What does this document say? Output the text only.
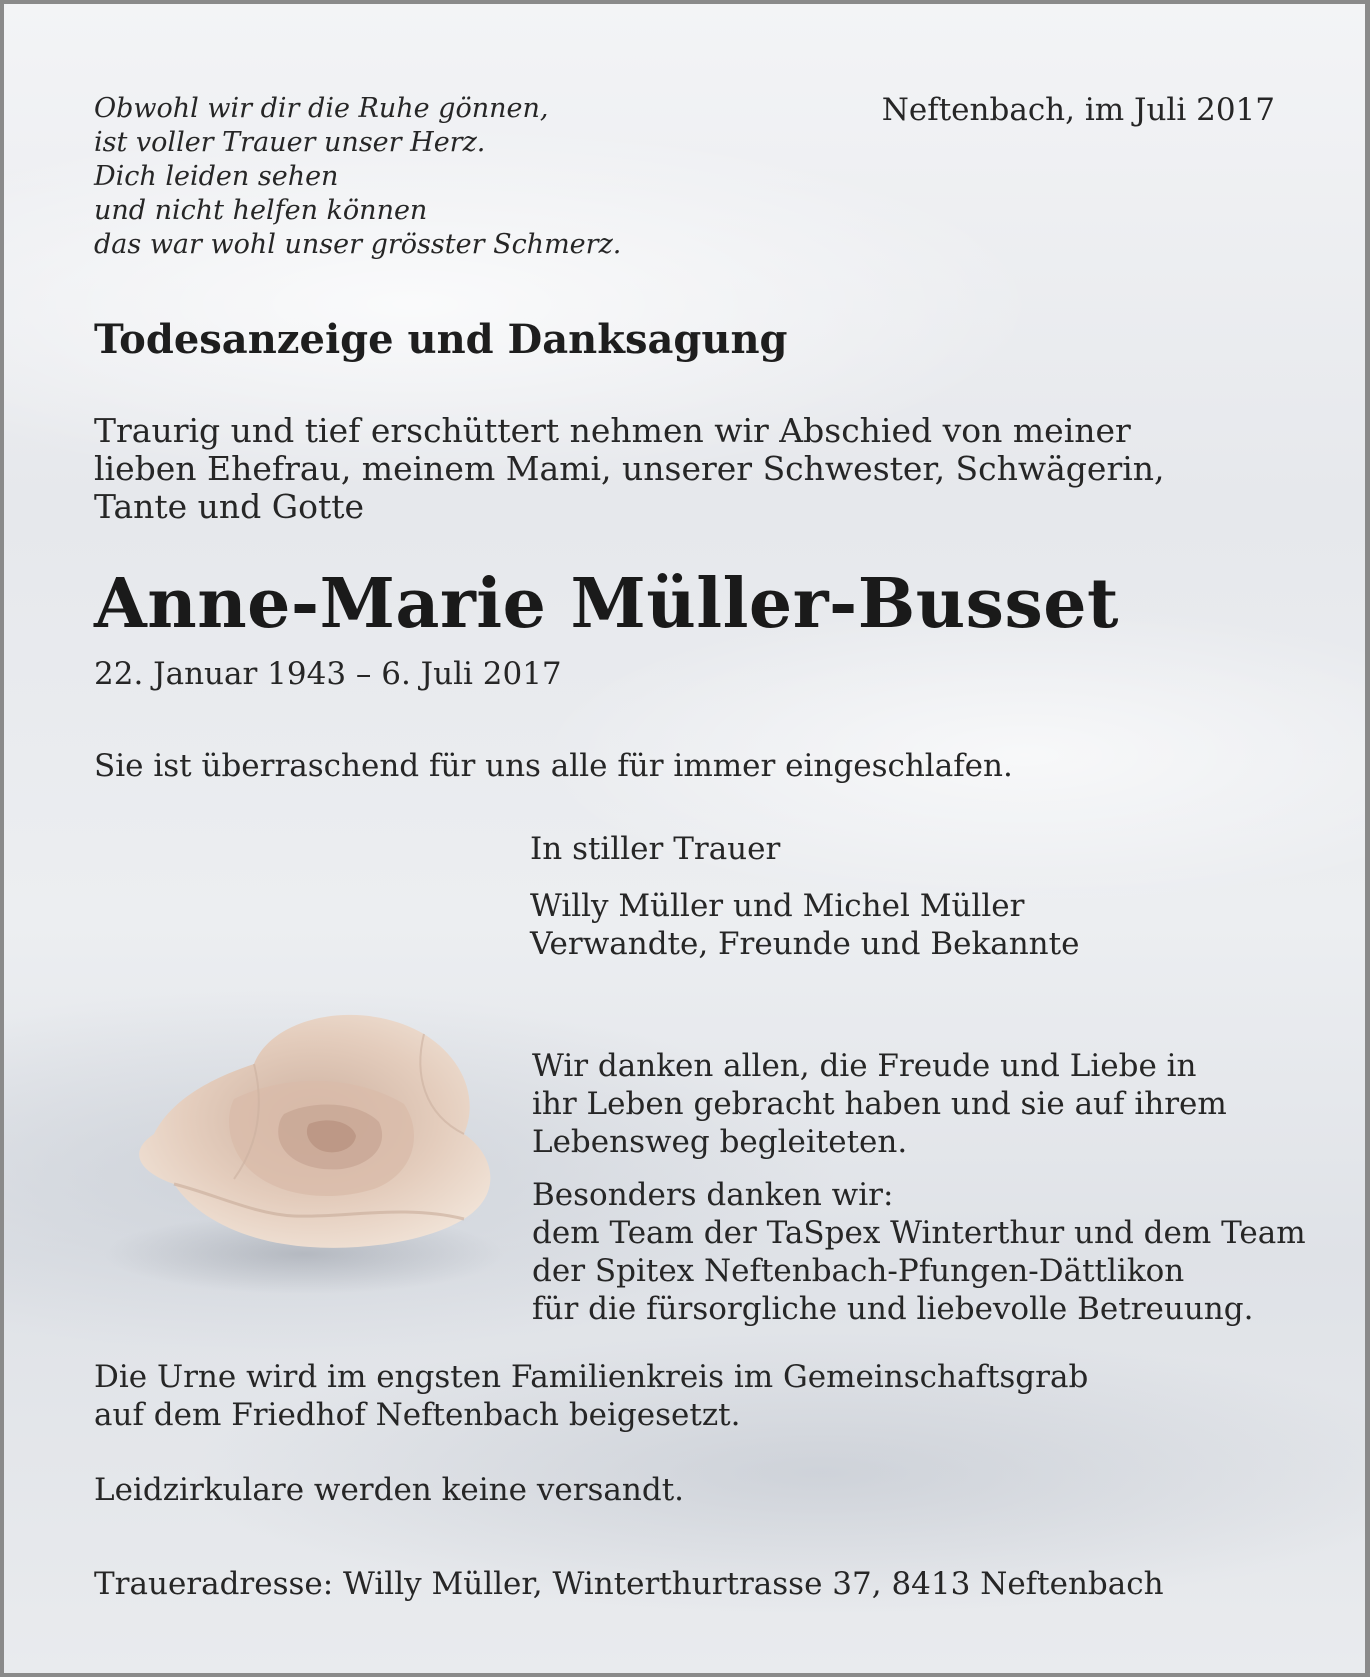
Obwohl wir dir die Ruhe gönnen,
ist voller Trauer unser Herz.
Dich leiden sehen
und nicht helfen können
das war wohl unser grösster Schmerz.
Neftenbach, im Juli 2017
Todesanzeige und Danksagung
Traurig und tief erschüttert nehmen wir Abschied von meiner
lieben Ehefrau, meinem Mami, unserer Schwester, Schwägerin,
Tante und Gotte
Anne-Marie Müller-Busset
22. Januar 1943 – 6. Juli 2017
Sie ist überraschend für uns alle für immer eingeschlafen.
In stiller Trauer
Willy Müller und Michel Müller
Verwandte, Freunde und Bekannte
Wir danken allen, die Freude und Liebe in
ihr Leben gebracht haben und sie auf ihrem
Lebensweg begleiteten.
Besonders danken wir:
dem Team der TaSpex Winterthur und dem Team
der Spitex Neftenbach-Pfungen-Dättlikon
für die fürsorgliche und liebevolle Betreuung.
Die Urne wird im engsten Familienkreis im Gemeinschaftsgrab
auf dem Friedhof Neftenbach beigesetzt.
Leidzirkulare werden keine versandt.
Traueradresse: Willy Müller, Winterthurtrasse 37, 8413 Neftenbach
